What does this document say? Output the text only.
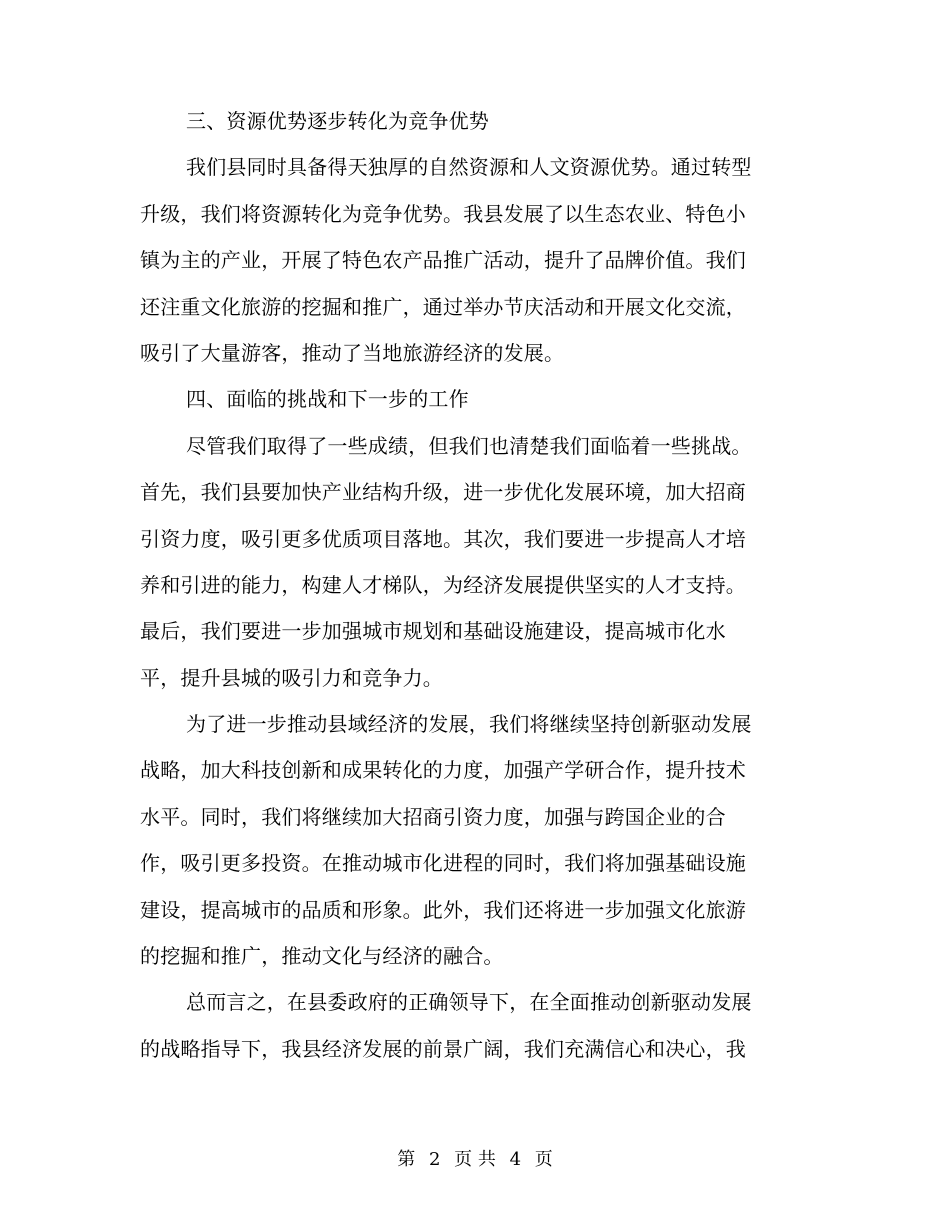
三、资源优势逐步转化为竞争优势
我们县同时具备得天独厚的自然资源和人文资源优势。通过转型
升级，我们将资源转化为竞争优势。我县发展了以生态农业、特色小
镇为主的产业，开展了特色农产品推广活动，提升了品牌价值。我们
还注重文化旅游的挖掘和推广，通过举办节庆活动和开展文化交流，
吸引了大量游客，推动了当地旅游经济的发展。
四、面临的挑战和下一步的工作
尽管我们取得了一些成绩，但我们也清楚我们面临着一些挑战。
首先，我们县要加快产业结构升级，进一步优化发展环境，加大招商
引资力度，吸引更多优质项目落地。其次，我们要进一步提高人才培
养和引进的能力，构建人才梯队，为经济发展提供坚实的人才支持。
最后，我们要进一步加强城市规划和基础设施建设，提高城市化水
平，提升县城的吸引力和竞争力。
为了进一步推动县域经济的发展，我们将继续坚持创新驱动发展
战略，加大科技创新和成果转化的力度，加强产学研合作，提升技术
水平。同时，我们将继续加大招商引资力度，加强与跨国企业的合
作，吸引更多投资。在推动城市化进程的同时，我们将加强基础设施
建设，提高城市的品质和形象。此外，我们还将进一步加强文化旅游
的挖掘和推广，推动文化与经济的融合。
总而言之，在县委政府的正确领导下，在全面推动创新驱动发展
的战略指导下，我县经济发展的前景广阔，我们充满信心和决心，我
第 2 页 共 4 页
